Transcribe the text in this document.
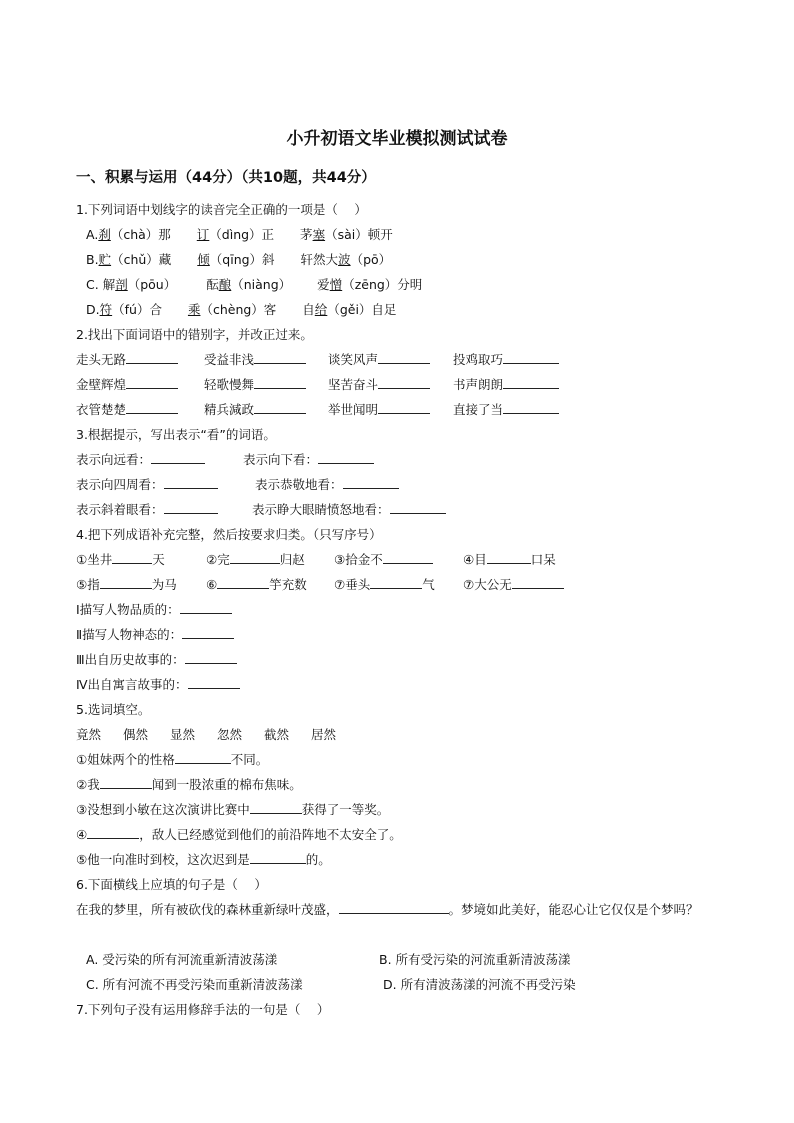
小升初语文毕业模拟测试试卷
一、积累与运用（44分）（共10题，共44分）
1.下列词语中划线字的读音完全正确的一项是（　 ）
A.刹（chà）那 订（dìng）正 茅塞（sài）顿开
B.贮（chǔ）藏 倾（qīng）斜 轩然大波（pō）
C. 解剖（pōu） 酝酿（niàng） 爱憎（zēng）分明
D.符（fú）合 乘（chèng）客 自给（gěi）自足
2.找出下面词语中的错别字，并改正过来。
走头无路	受益非浅	谈笑风声	投鸡取巧
金壁辉煌	轻歌慢舞	坚苦奋斗	书声朗朗
衣管楚楚	精兵減政	举世闻明	直接了当
3.根据提示，写出表示“看”的词语。
表示向远看：	表示向下看：
表示向四周看：	表示恭敬地看：
表示斜着眼看：	表示睁大眼睛愤怒地看：
4.把下列成语补充完整，然后按要求归类。（只写序号）
①坐井	天	②完	归赵 ③拾金不	④目	口呆
⑤指	为马 ⑥	竽充数 ⑦垂头	气 ⑦大公无
Ⅰ描写人物品质的：
Ⅱ描写人物神态的：
Ⅲ出自历史故事的：
Ⅳ出自寓言故事的：
5.选词填空。
竟然 偶然 显然 忽然 截然 居然
①姐妹两个的性格	不同。
②我	闻到一股浓重的棉布焦味。
③没想到小敏在这次演讲比赛中	获得了一等奖。
④	，敌人已经感觉到他们的前沿阵地不太安全了。
⑤他一向准时到校，这次迟到是	的。
6.下面横线上应填的句子是（　 ）
在我的梦里，所有被砍伐的森林重新绿叶茂盛，	。梦境如此美好，能忍心让它仅仅是个梦吗？
A. 受污染的所有河流重新清波荡漾	B. 所有受污染的河流重新清波荡漾
C. 所有河流不再受污染而重新清波荡漾	D. 所有清波荡漾的河流不再受污染
7.下列句子没有运用修辞手法的一句是（　 ）
